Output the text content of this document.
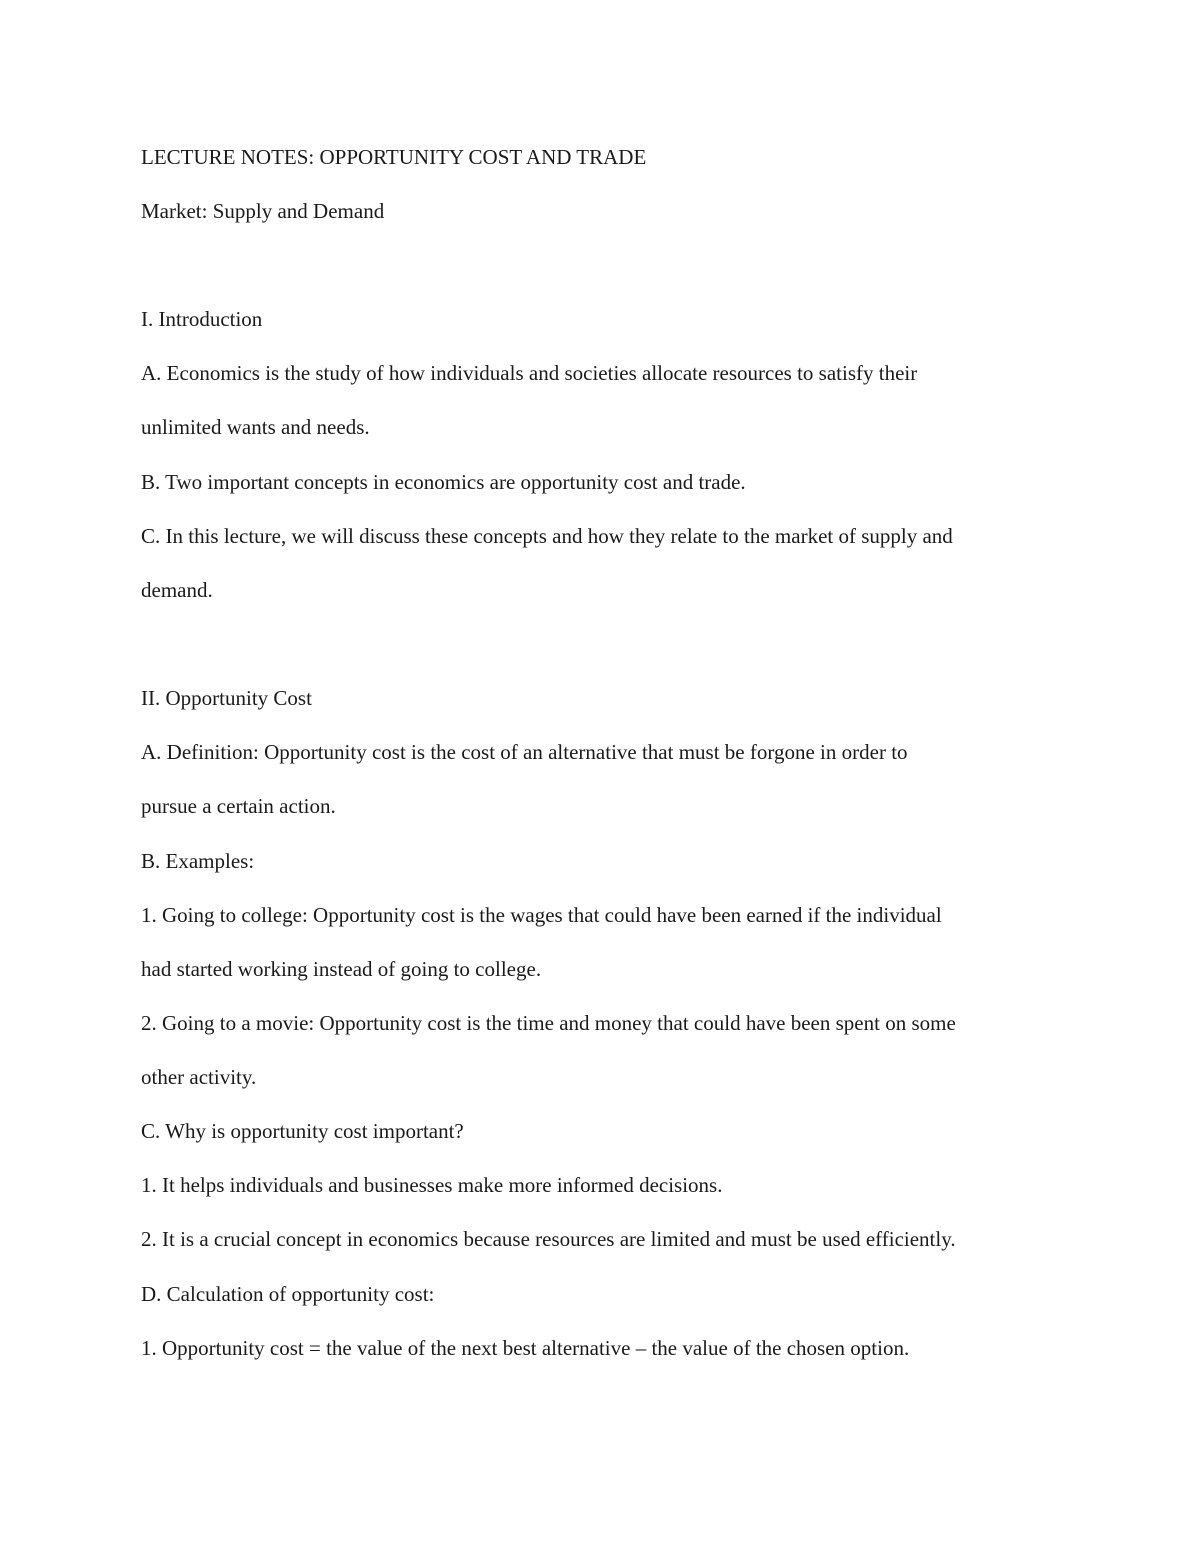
LECTURE NOTES: OPPORTUNITY COST AND TRADE

Market: Supply and Demand

I. Introduction

A. Economics is the study of how individuals and societies allocate resources to satisfy their

unlimited wants and needs.

B. Two important concepts in economics are opportunity cost and trade.

C. In this lecture, we will discuss these concepts and how they relate to the market of supply and

demand.

II. Opportunity Cost

A. Definition: Opportunity cost is the cost of an alternative that must be forgone in order to

pursue a certain action.

B. Examples:

1. Going to college: Opportunity cost is the wages that could have been earned if the individual

had started working instead of going to college.

2. Going to a movie: Opportunity cost is the time and money that could have been spent on some

other activity.

C. Why is opportunity cost important?

1. It helps individuals and businesses make more informed decisions.

2. It is a crucial concept in economics because resources are limited and must be used efficiently.

D. Calculation of opportunity cost:

1. Opportunity cost = the value of the next best alternative – the value of the chosen option.
